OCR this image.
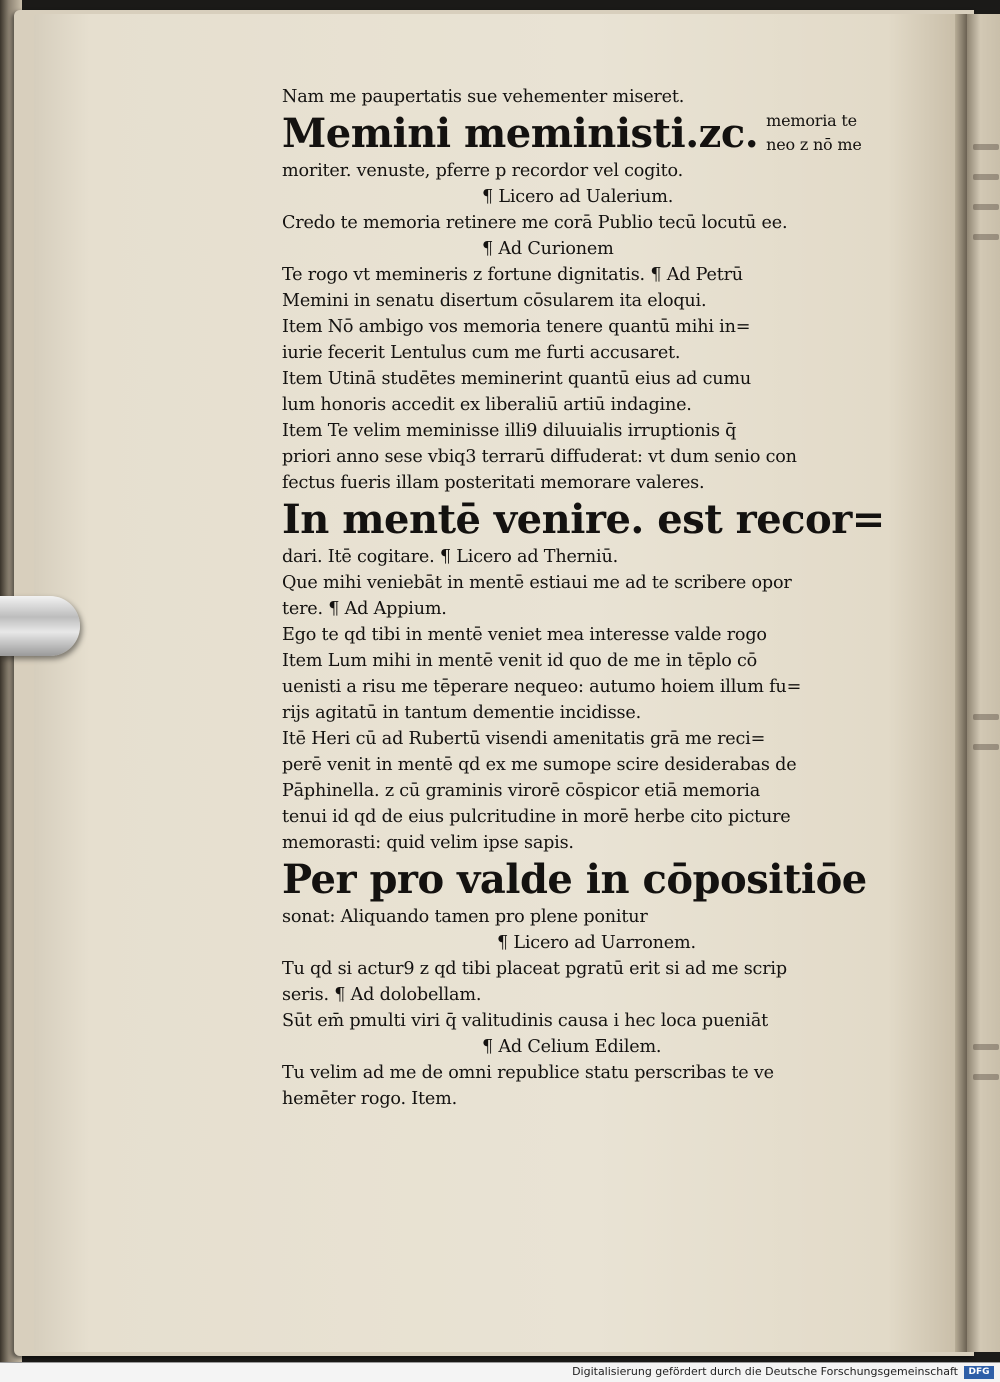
Nam me paupertatis sue vehementer miseret.
Memini meministi.zc. memoria te
neo z nō me
moriter. venuste, pferre p recordor vel cogito.
¶ Licero ad Ualerium.
Credo te memoria retinere me corā Publio tecū locutū ee.
¶ Ad Curionem
Te rogo vt memineris z fortune dignitatis. ¶ Ad Petrū
Memini in senatu disertum cōsularem ita eloqui.
Item Nō ambigo vos memoria tenere quantū mihi in=
iurie fecerit Lentulus cum me furti accusaret.
Item Utinā studētes meminerint quantū eius ad cumu
lum honoris accedit ex liberaliū artiū indagine.
Item Te velim meminisse illi9 diluuialis irruptionis q̄
priori anno sese vbiq3 terrarū diffuderat: vt dum senio con
fectus fueris illam posteritati memorare valeres.
In mentē venire. est recor=
dari. Itē cogitare. ¶ Licero ad Therniū.
Que mihi veniebāt in mentē estiaui me ad te scribere opor
tere. ¶ Ad Appium.
Ego te qd tibi in mentē veniet mea interesse valde rogo
Item Lum mihi in mentē venit id quo de me in tēplo cō
uenisti a risu me tēperare nequeo: autumo hoiem illum fu=
rijs agitatū in tantum dementie incidisse.
Itē Heri cū ad Rubertū visendi amenitatis grā me reci=
perē venit in mentē qd ex me sumope scire desiderabas de
Pāphinella. z cū graminis virorē cōspicor etiā memoria
tenui id qd de eius pulcritudine in morē herbe cito picture
memorasti: quid velim ipse sapis.
Per pro valde in cōpositiōe
sonat: Aliquando tamen pro plene ponitur
¶ Licero ad Uarronem.
Tu qd si actur9 z qd tibi placeat pgratū erit si ad me scrip
seris. ¶ Ad dolobellam.
Sūt em̄ pmulti viri q̄ valitudinis causa i hec loca pueniāt
¶ Ad Celium Edilem.
Tu velim ad me de omni republice statu perscribas te ve
hemēter rogo. Item.
Digitalisierung gefördert durch die Deutsche Forschungsgemeinschaft	DFG
